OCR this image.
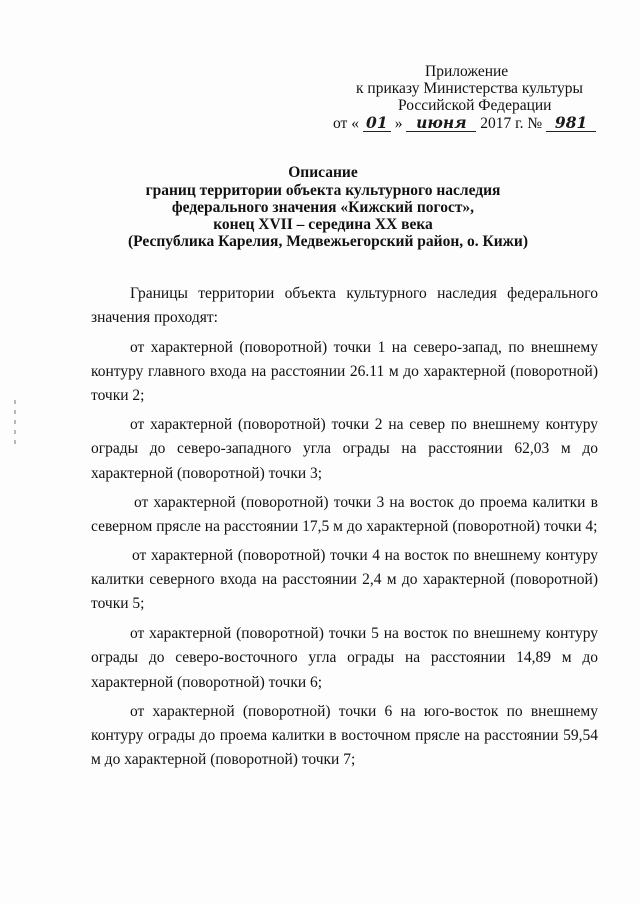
Приложение
к приказу Министерства культуры
Российской Федерации
от « 01 » июня 2017 г. № 981
Описание
границ территории объекта культурного наследия
федерального значения «Кижский погост»,
конец XVII – середина XX века
(Республика Карелия, Медвежьегорский район, о. Кижи)
Границы территории объекта культурного наследия федерального
значения проходят:
от характерной (поворотной) точки 1 на северо-запад, по внешнему
контуру главного входа на расстоянии 26.11 м до характерной (поворотной)
точки 2;
от характерной (поворотной) точки 2 на север по внешнему контуру
ограды до северо-западного угла ограды на расстоянии 62,03 м до
характерной (поворотной) точки 3;
от характерной (поворотной) точки 3 на восток до проема калитки в
северном прясле на расстоянии 17,5 м до характерной (поворотной) точки 4;
от характерной (поворотной) точки 4 на восток по внешнему контуру
калитки северного входа на расстоянии 2,4 м до характерной (поворотной)
точки 5;
от характерной (поворотной) точки 5 на восток по внешнему контуру
ограды до северо-восточного угла ограды на расстоянии 14,89 м до
характерной (поворотной) точки 6;
от характерной (поворотной) точки 6 на юго-восток по внешнему
контуру ограды до проема калитки в восточном прясле на расстоянии 59,54
м до характерной (поворотной) точки 7;
